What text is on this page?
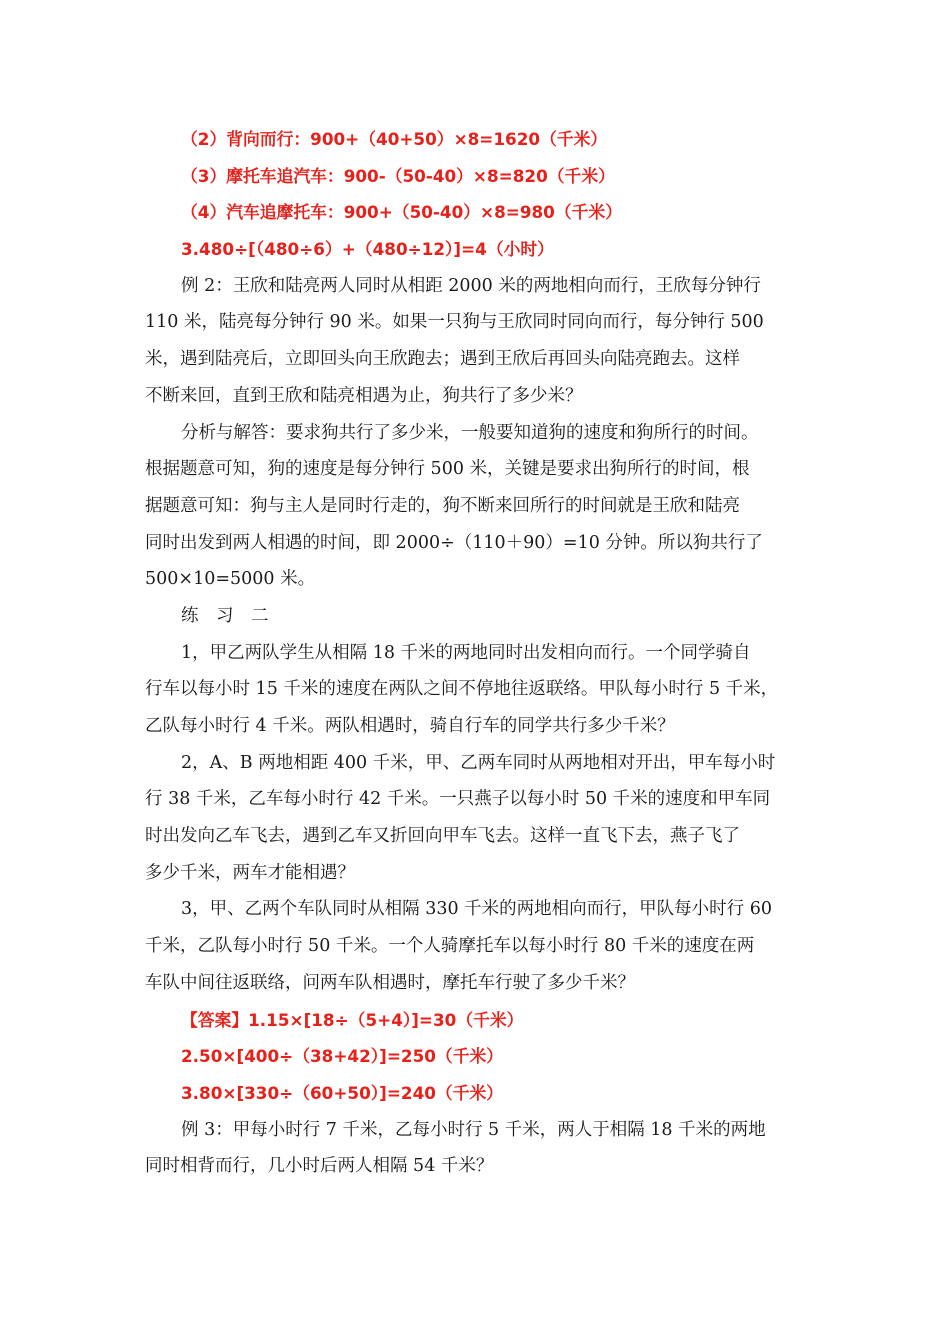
（2）背向而行：900+（40+50）×8=1620（千米）
（3）摩托车追汽车：900-（50-40）×8=820（千米）
（4）汽车追摩托车：900+（50-40）×8=980（千米）
3.480÷[（480÷6）+（480÷12）]=4（小时）
例 2：王欣和陆亮两人同时从相距 2000 米的两地相向而行，王欣每分钟行
110 米，陆亮每分钟行 90 米。如果一只狗与王欣同时同向而行，每分钟行 500
米，遇到陆亮后，立即回头向王欣跑去；遇到王欣后再回头向陆亮跑去。这样
不断来回，直到王欣和陆亮相遇为止，狗共行了多少米？
分析与解答：要求狗共行了多少米，一般要知道狗的速度和狗所行的时间。
根据题意可知，狗的速度是每分钟行 500 米，关键是要求出狗所行的时间，根
据题意可知：狗与主人是同时行走的，狗不断来回所行的时间就是王欣和陆亮
同时出发到两人相遇的时间，即 2000÷（110＋90）=10 分钟。所以狗共行了
500×10=5000 米。
练　习　二
1，甲乙两队学生从相隔 18 千米的两地同时出发相向而行。一个同学骑自
行车以每小时 15 千米的速度在两队之间不停地往返联络。甲队每小时行 5 千米，
乙队每小时行 4 千米。两队相遇时，骑自行车的同学共行多少千米？
2，A、B 两地相距 400 千米，甲、乙两车同时从两地相对开出，甲车每小时
行 38 千米，乙车每小时行 42 千米。一只燕子以每小时 50 千米的速度和甲车同
时出发向乙车飞去，遇到乙车又折回向甲车飞去。这样一直飞下去，燕子飞了
多少千米，两车才能相遇？
3，甲、乙两个车队同时从相隔 330 千米的两地相向而行，甲队每小时行 60
千米，乙队每小时行 50 千米。一个人骑摩托车以每小时行 80 千米的速度在两
车队中间往返联络，问两车队相遇时，摩托车行驶了多少千米？
【答案】1.15×[18÷（5+4）]=30（千米）
2.50×[400÷（38+42）]=250（千米）
3.80×[330÷（60+50）]=240（千米）
例 3：甲每小时行 7 千米，乙每小时行 5 千米，两人于相隔 18 千米的两地
同时相背而行，几小时后两人相隔 54 千米？
